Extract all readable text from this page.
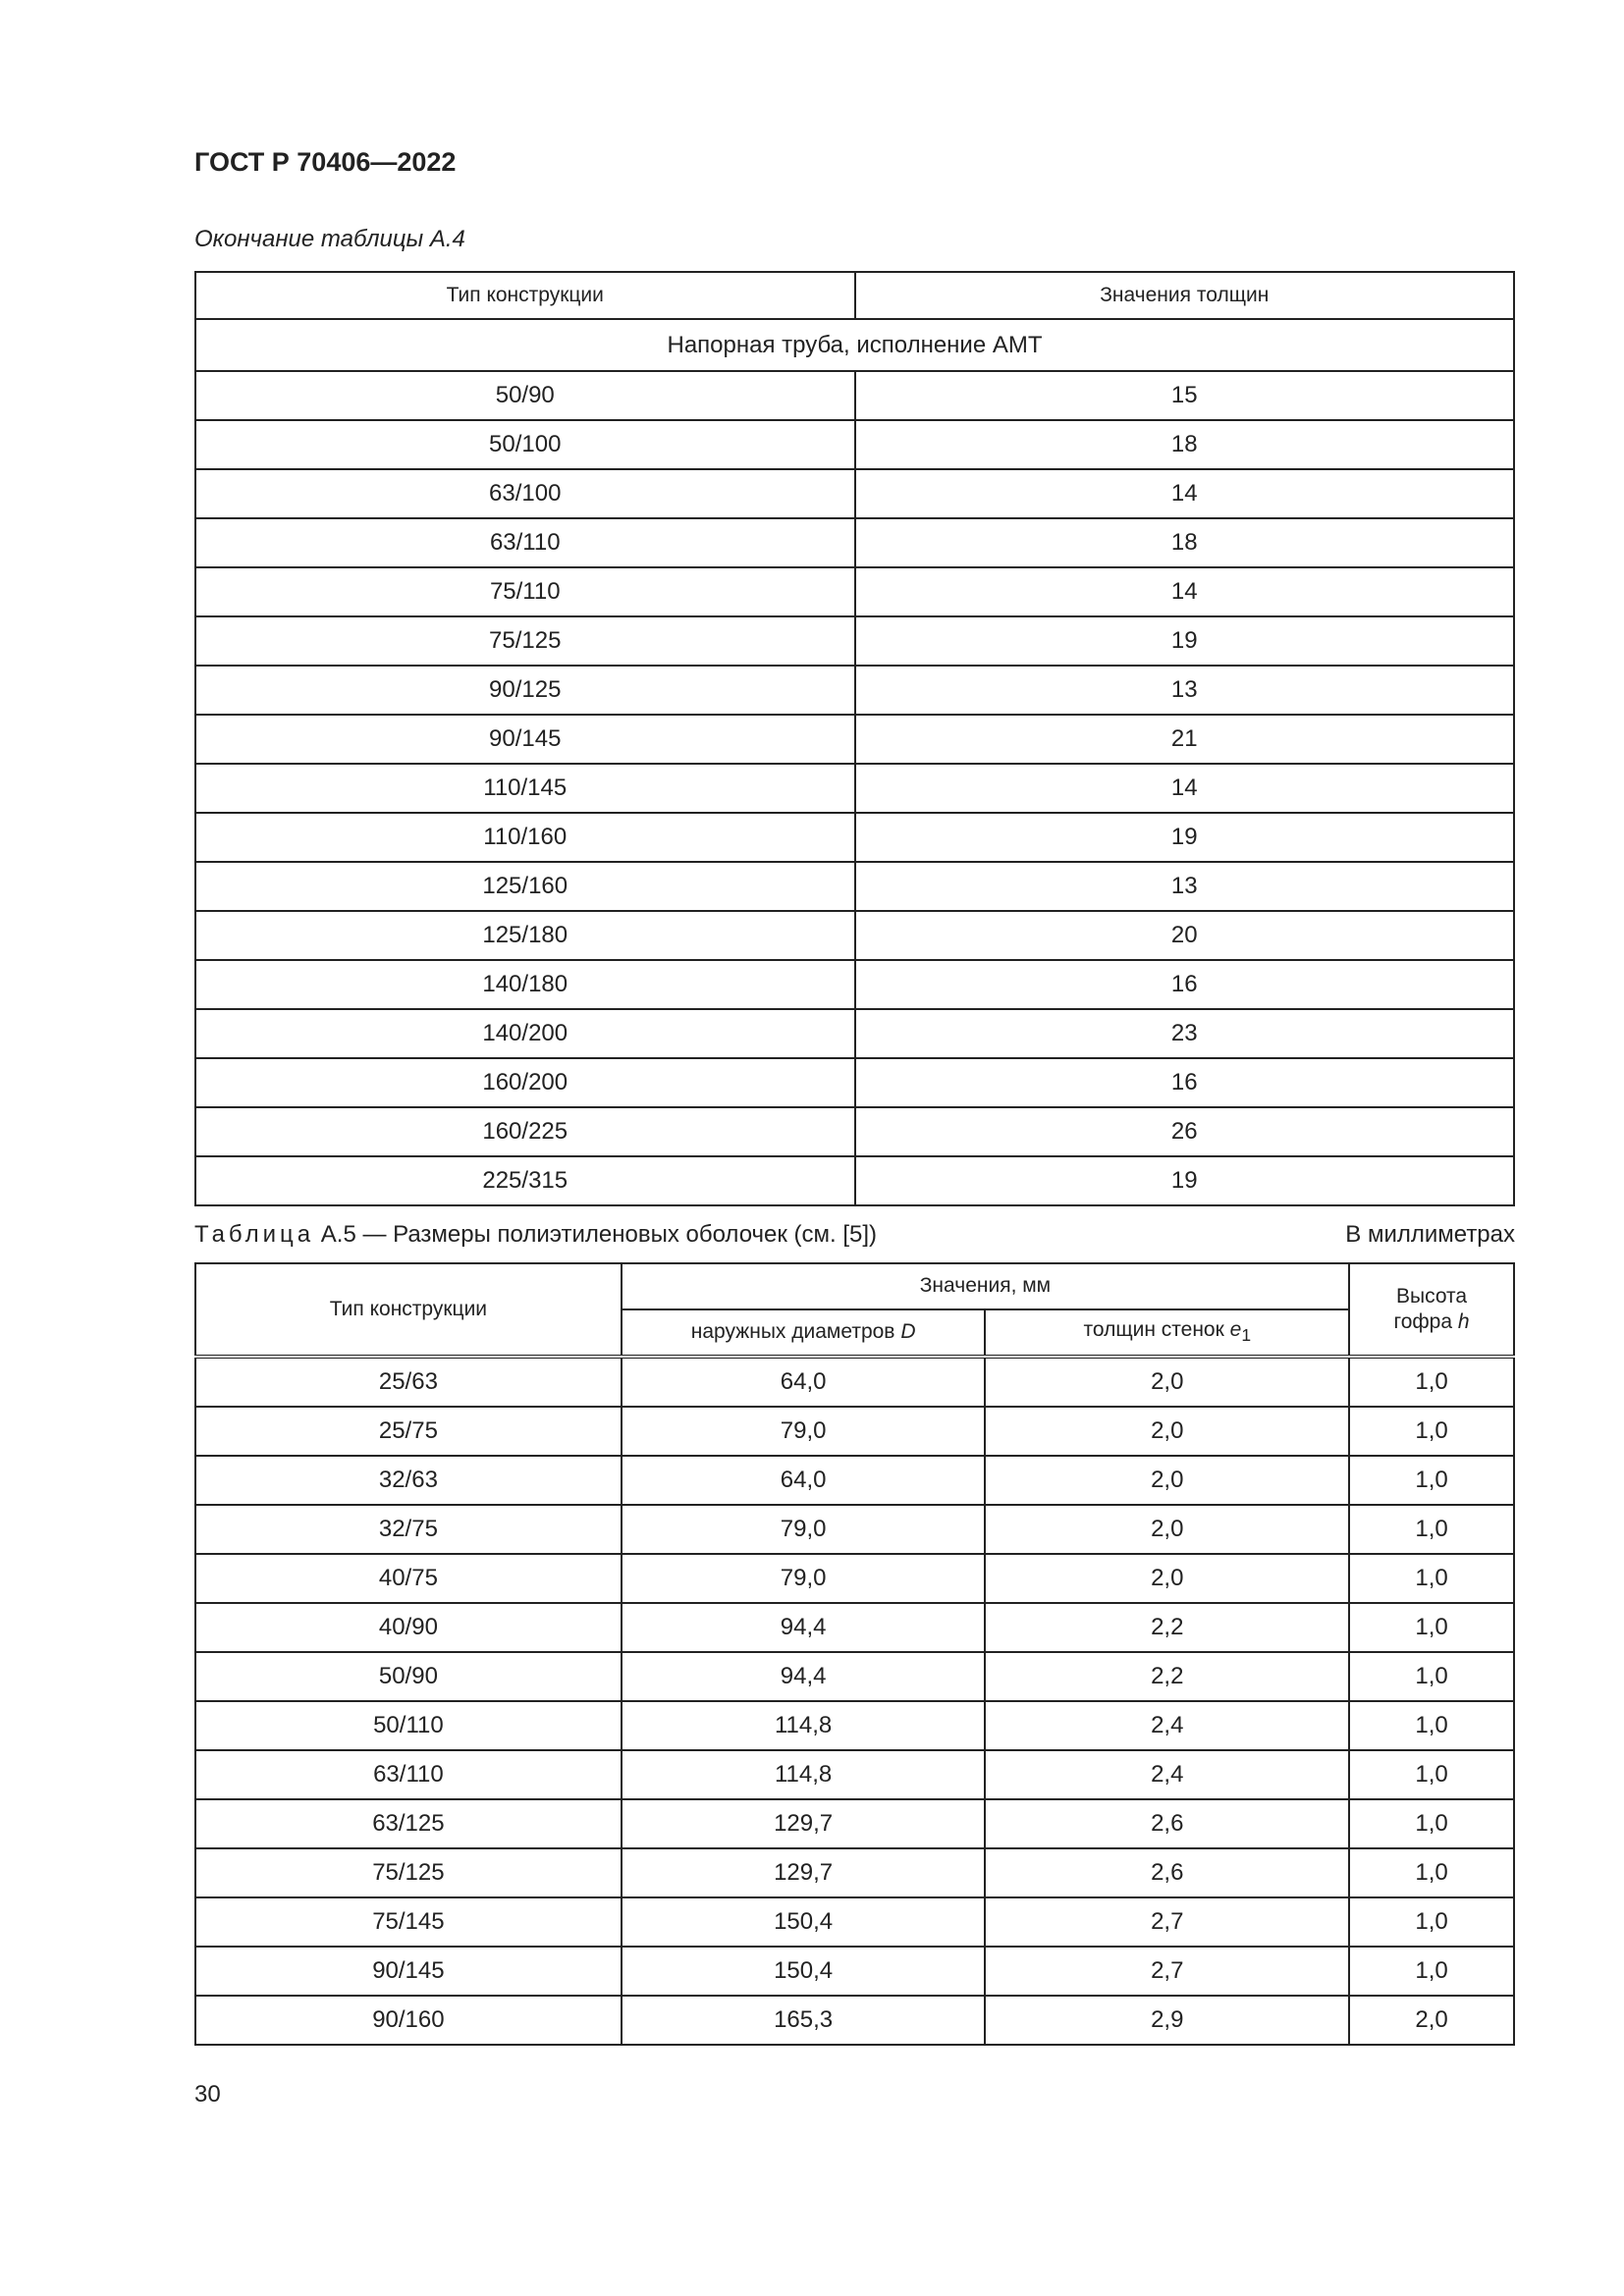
ГОСТ Р 70406—2022
Окончание таблицы А.4
Тип конструкции	Значения толщин
Напорная труба, исполнение АМТ	
50/90	15
50/100	18
63/100	14
63/110	18
75/110	14
75/125	19
90/125	13
90/145	21
110/145	14
110/160	19
125/160	13
125/180	20
140/180	16
140/200	23
160/200	16
160/225	26
225/315	19
Таблица А.5 — Размеры полиэтиленовых оболочек (см. [5])	В миллиметрах
Тип конструкции	Значения, мм		Высота
гофра h
	наружных диаметров D	толщин стенок $e_1$
25/63	64,0	2,0	1,0
25/75	79,0	2,0	1,0
32/63	64,0	2,0	1,0
32/75	79,0	2,0	1,0
40/75	79,0	2,0	1,0
40/90	94,4	2,2	1,0
50/90	94,4	2,2	1,0
50/110	114,8	2,4	1,0
63/110	114,8	2,4	1,0
63/125	129,7	2,6	1,0
75/125	129,7	2,6	1,0
75/145	150,4	2,7	1,0
90/145	150,4	2,7	1,0
90/160	165,3	2,9	2,0
30
